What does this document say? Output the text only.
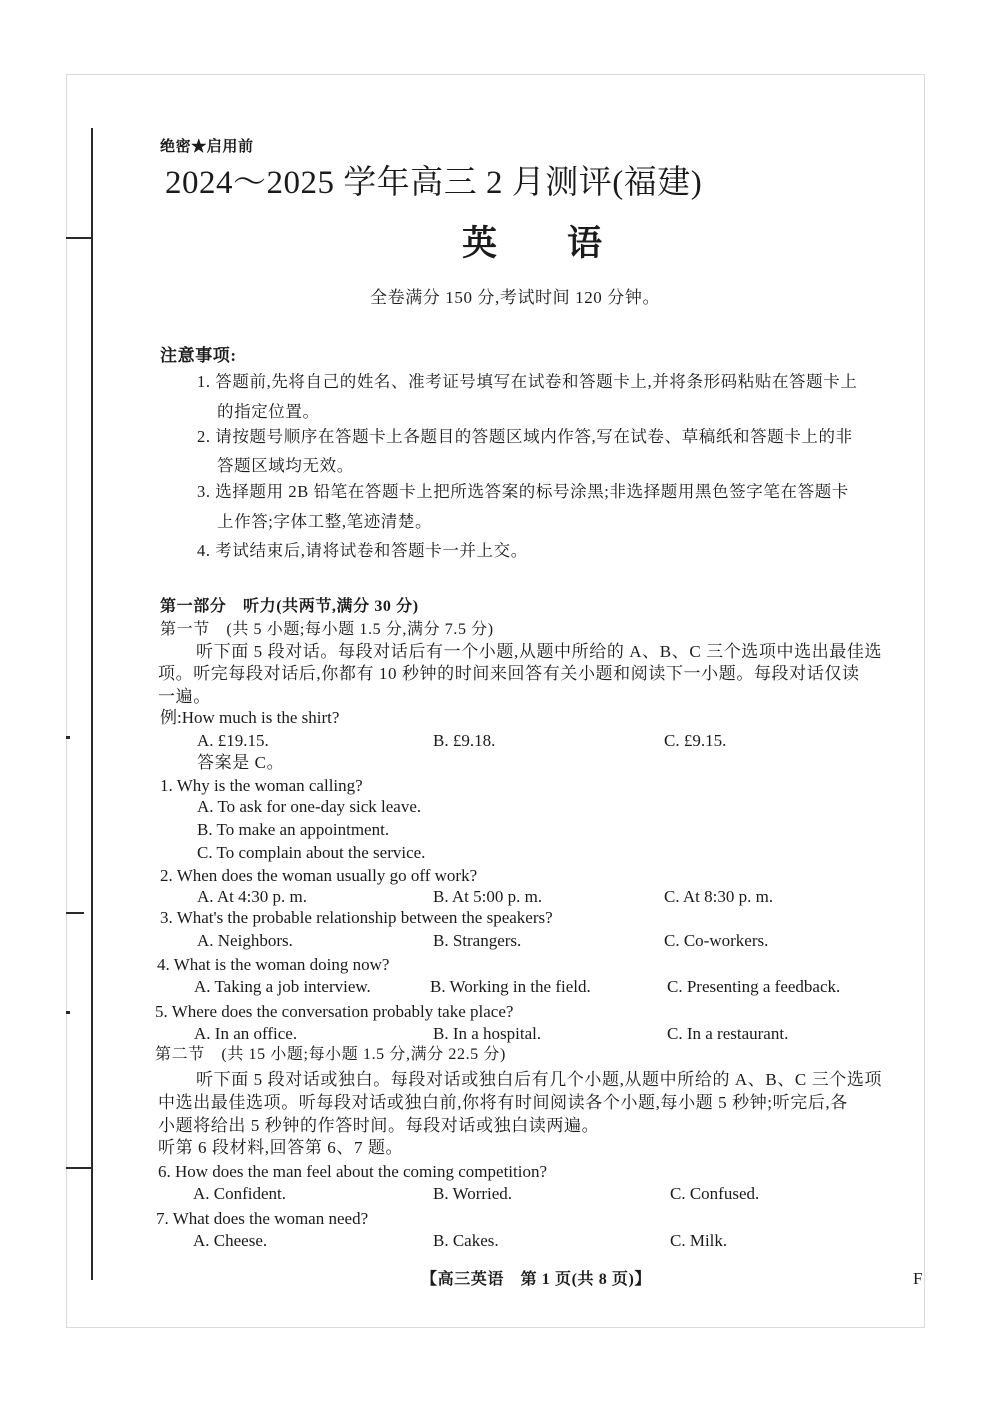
绝密★启用前
2024～2025 学年高三 2 月测评(福建)
英　　语
全卷满分 150 分,考试时间 120 分钟。
注意事项:
1. 答题前,先将自己的姓名、准考证号填写在试卷和答题卡上,并将条形码粘贴在答题卡上
的指定位置。
2. 请按题号顺序在答题卡上各题目的答题区域内作答,写在试卷、草稿纸和答题卡上的非
答题区域均无效。
3. 选择题用 2B 铅笔在答题卡上把所选答案的标号涂黑;非选择题用黑色签字笔在答题卡
上作答;字体工整,笔迹清楚。
4. 考试结束后,请将试卷和答题卡一并上交。
第一部分　听力(共两节,满分 30 分)
第一节　(共 5 小题;每小题 1.5 分,满分 7.5 分)
听下面 5 段对话。每段对话后有一个小题,从题中所给的 A、B、C 三个选项中选出最佳选
项。听完每段对话后,你都有 10 秒钟的时间来回答有关小题和阅读下一小题。每段对话仅读
一遍。
例:How much is the shirt?
A. £19.15.	B. £9.18.	C. £9.15.
答案是 C。
1. Why is the woman calling?
A. To ask for one-day sick leave.
B. To make an appointment.
C. To complain about the service.
2. When does the woman usually go off work?
A. At 4:30 p. m.	B. At 5:00 p. m.	C. At 8:30 p. m.
3. What's the probable relationship between the speakers?
A. Neighbors.	B. Strangers.	C. Co-workers.
4. What is the woman doing now?
A. Taking a job interview.	B. Working in the field.	C. Presenting a feedback.
5. Where does the conversation probably take place?
A. In an office.	B. In a hospital.	C. In a restaurant.
第二节　(共 15 小题;每小题 1.5 分,满分 22.5 分)
听下面 5 段对话或独白。每段对话或独白后有几个小题,从题中所给的 A、B、C 三个选项
中选出最佳选项。听每段对话或独白前,你将有时间阅读各个小题,每小题 5 秒钟;听完后,各
小题将给出 5 秒钟的作答时间。每段对话或独白读两遍。
听第 6 段材料,回答第 6、7 题。
6. How does the man feel about the coming competition?
A. Confident.	B. Worried.	C. Confused.
7. What does the woman need?
A. Cheese.	B. Cakes.	C. Milk.
【高三英语　第 1 页(共 8 页)】	F
